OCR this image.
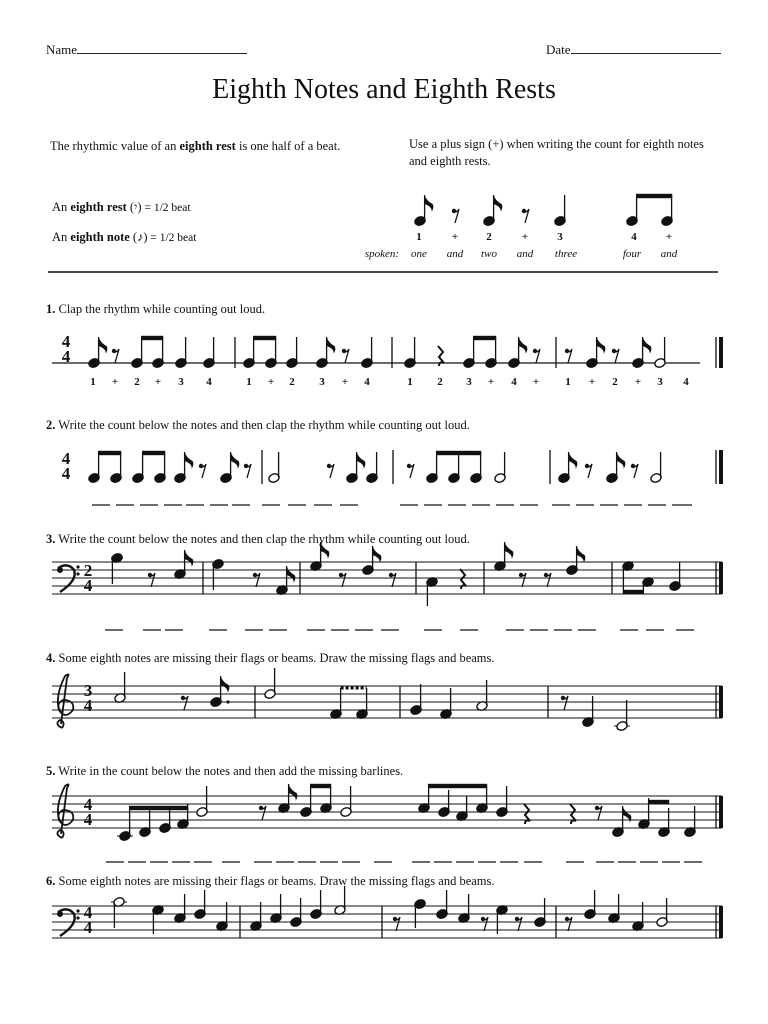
Name	Date
Eighth Notes and Eighth Rests
The rhythmic value of an eighth rest is one half of a beat.
An eighth rest (𝄾) = 1/2 beat
An eighth note (♪) = 1/2 beat
Use a plus sign (+) when writing the count for eighth notes and eighth rests.
1	+	2	+	3	4	+
spoken:	one	and	two	and	three	four	and
1. Clap the rhythm while counting out loud.
2. Write the count below the notes and then clap the rhythm while counting out loud.
3. Write the count below the notes and then clap the rhythm while counting out loud.
4. Some eighth notes are missing their flags or beams. Draw the missing flags and beams.
5. Write in the count below the notes and then add the missing barlines.
6. Some eighth notes are missing their flags or beams. Draw the missing flags and beams.
1	+	2	+	3	4	1	+	2	3	+	4	1	2	3	+	4	+	1	+	2	+	3	4
4
4
4
4
2
4
3
4
4
4
4
4
